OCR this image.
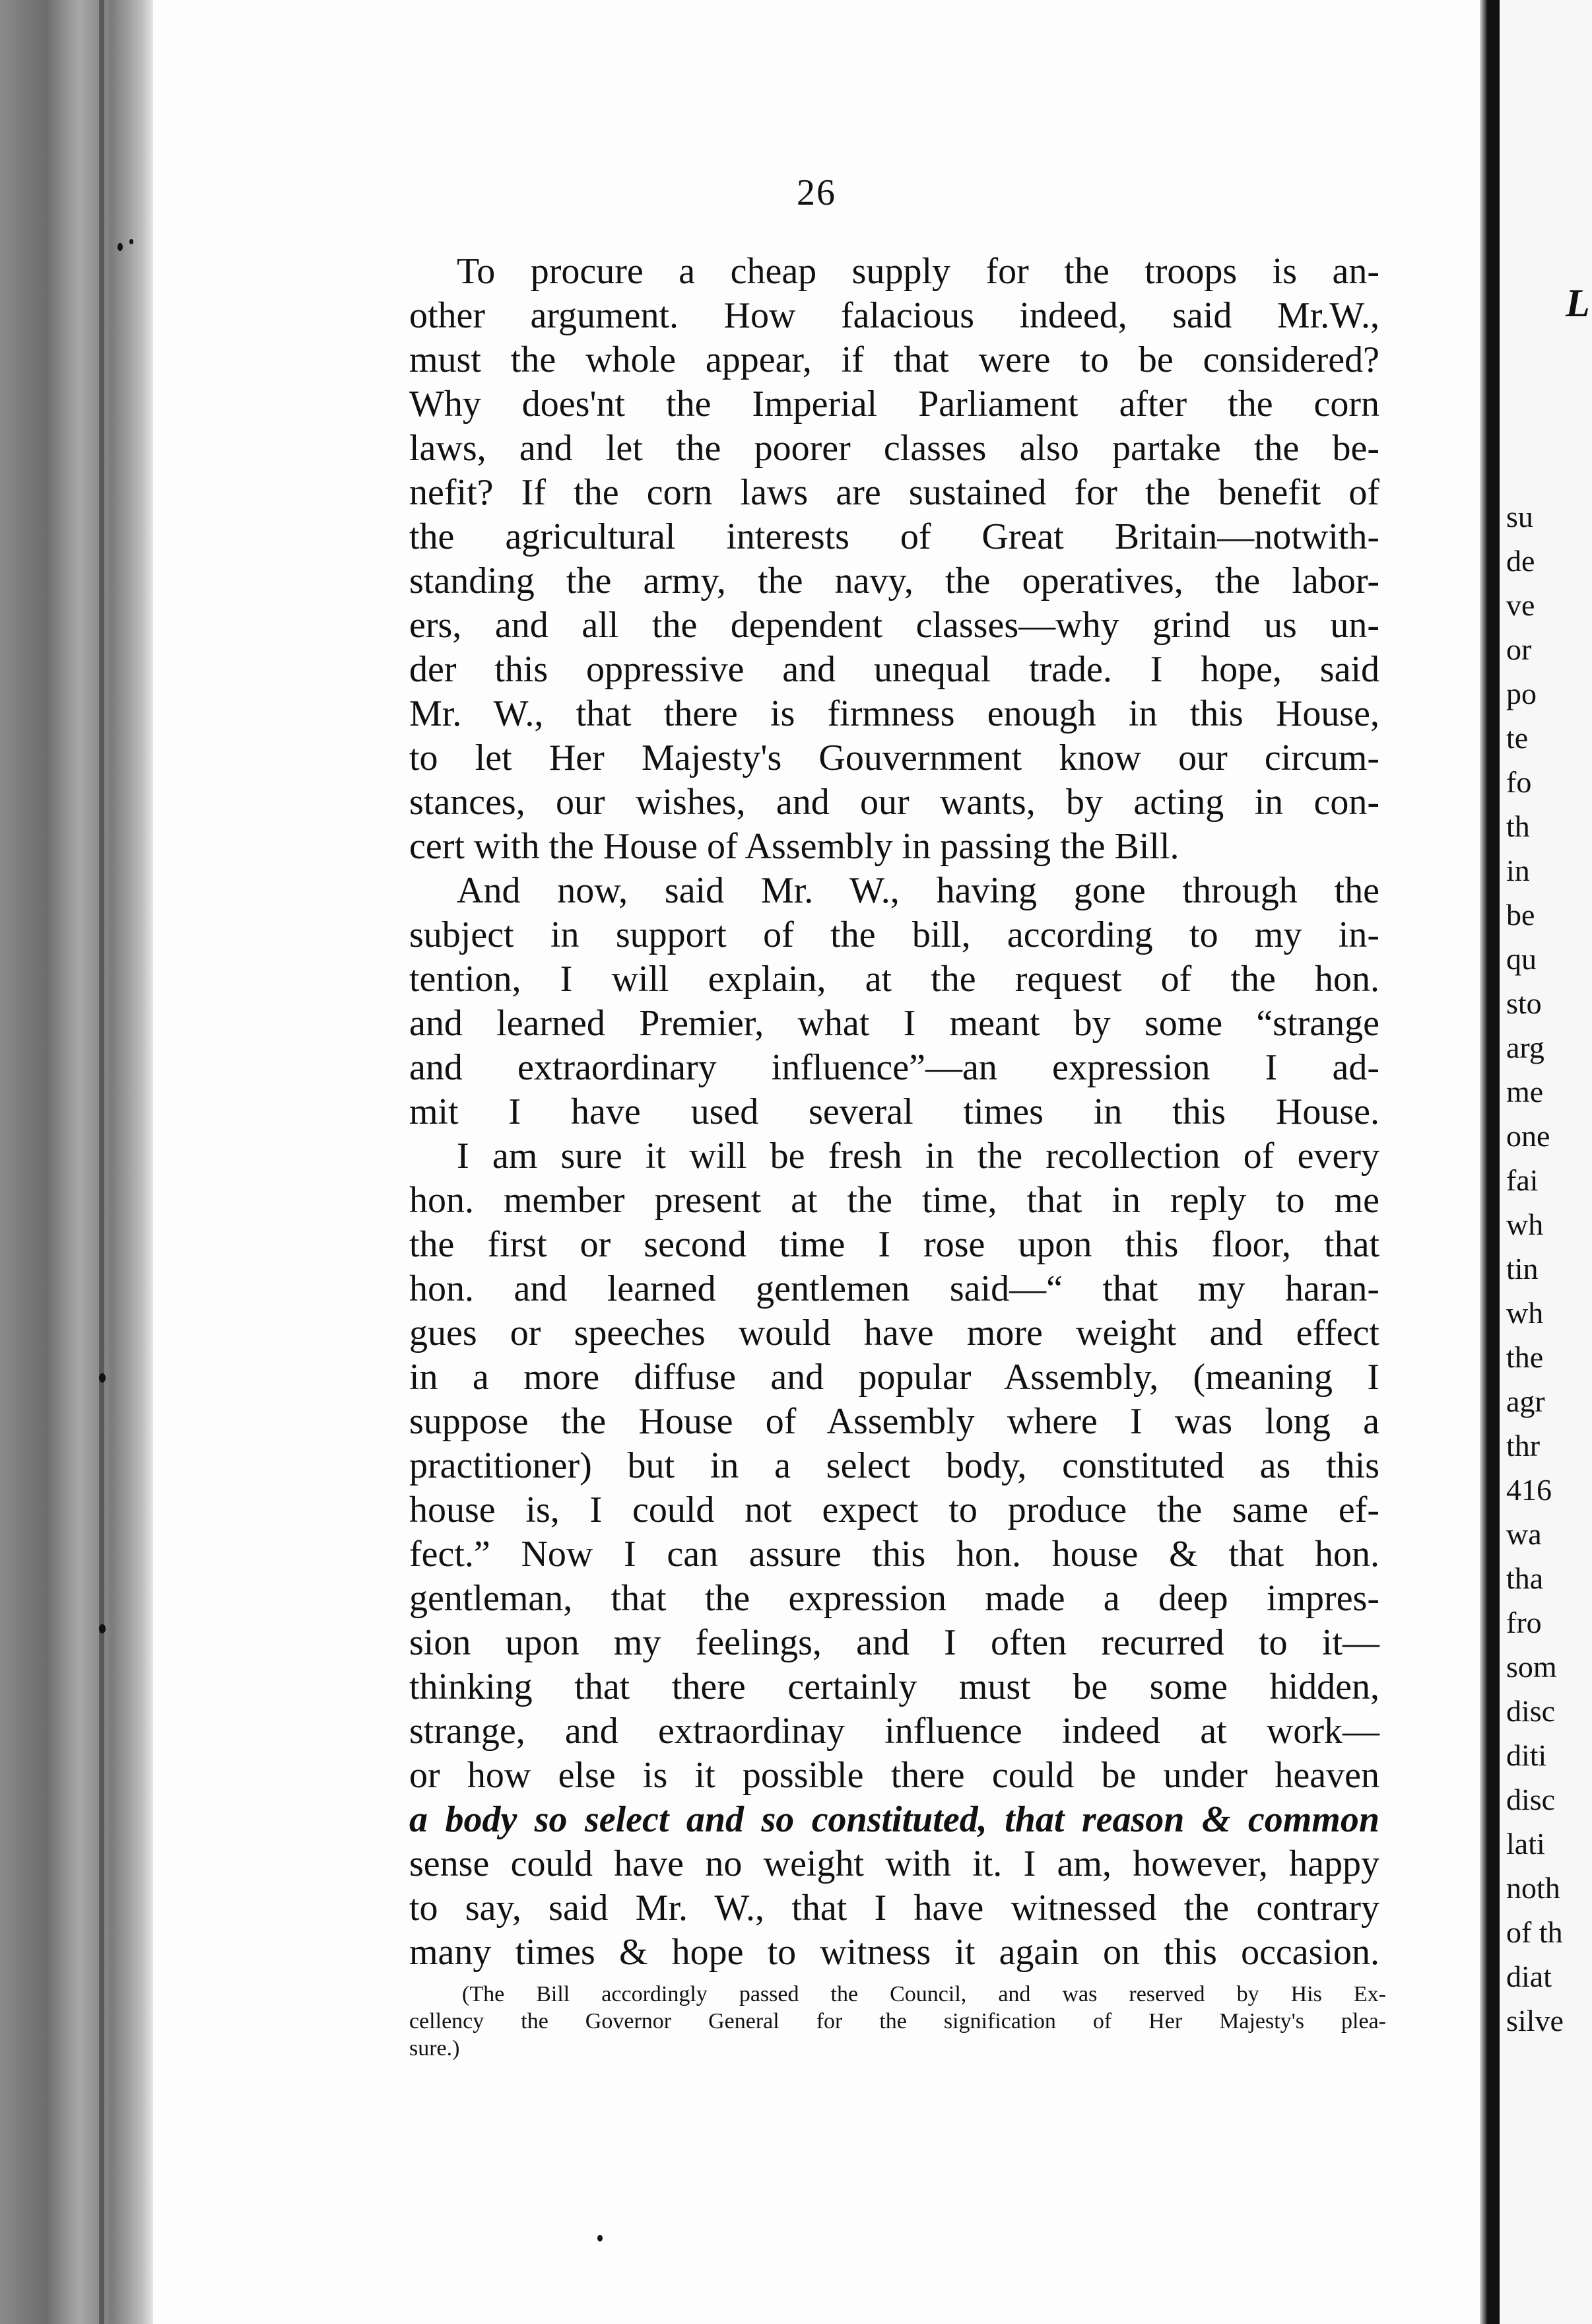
26
To procure a cheap supply for the troops is an-
other argument. How falacious indeed, said Mr.W.,
must the whole appear, if that were to be considered?
Why does'nt the Imperial Parliament after the corn
laws, and let the poorer classes also partake the be-
nefit? If the corn laws are sustained for the benefit of
the agricultural interests of Great Britain—notwith-
standing the army, the navy, the operatives, the labor-
ers, and all the dependent classes—why grind us un-
der this oppressive and unequal trade. I hope, said
Mr. W., that there is firmness enough in this House,
to let Her Majesty's Gouvernment know our circum-
stances, our wishes, and our wants, by acting in con-
cert with the House of Assembly in passing the Bill.
And now, said Mr. W., having gone through the
subject in support of the bill, according to my in-
tention, I will explain, at the request of the hon.
and learned Premier, what I meant by some “strange
and extraordinary influence”—an expression I ad-
mit I have used several times in this House.
I am sure it will be fresh in the recollection of every
hon. member present at the time, that in reply to me
the first or second time I rose upon this floor, that
hon. and learned gentlemen said—“ that my haran-
gues or speeches would have more weight and effect
in a more diffuse and popular Assembly, (meaning I
suppose the House of Assembly where I was long a
practitioner) but in a select body, constituted as this
house is, I could not expect to produce the same ef-
fect.” Now I can assure this hon. house & that hon.
gentleman, that the expression made a deep impres-
sion upon my feelings, and I often recurred to it—
thinking that there certainly must be some hidden,
strange, and extraordinay influence indeed at work—
or how else is it possible there could be under heaven
a body so select and so constituted, that reason & common
sense could have no weight with it. I am, however, happy
to say, said Mr. W., that I have witnessed the contrary
many times & hope to witness it again on this occasion.
(The Bill accordingly passed the Council, and was reserved by His Ex-
cellency the Governor General for the signification of Her Majesty's plea-
sure.)
L
su
de
ve
or
po
te
fo
th
in
be
qu
sto
arg
me
one
fai
wh
tin
wh
the
agr
thr
416
wa
tha
fro
som
disc
diti
disc
lati
noth
of th
diat
silve
